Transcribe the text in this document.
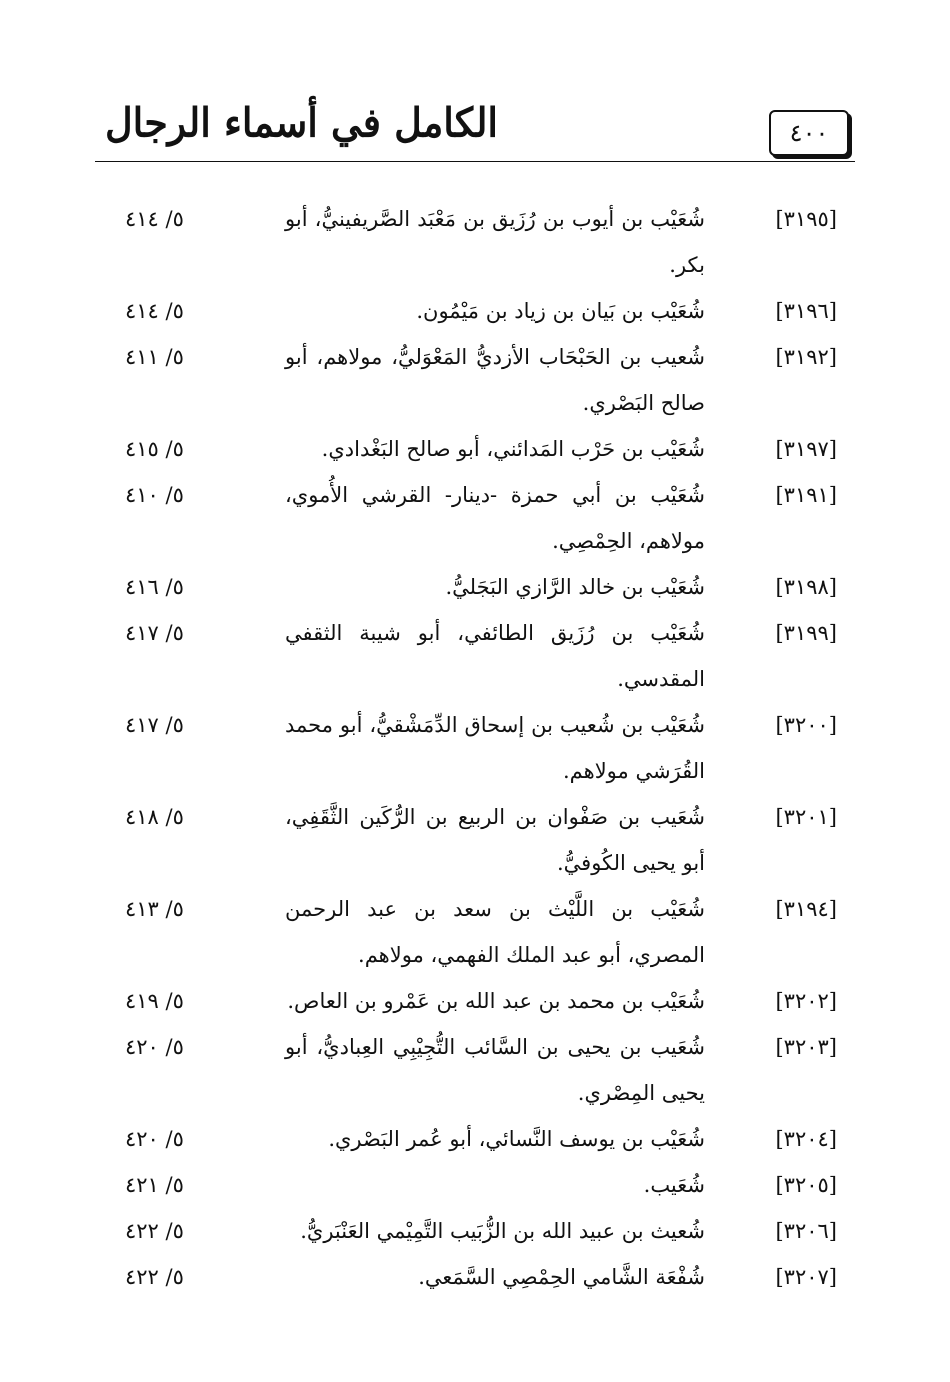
الكامل في أسماء الرجال	٤٠٠
[٣١٩٥]
شُعَيْب بن أيوب بن رُزَيق بن مَعْبَد الصَّريفينيُّ، أبو بكر.
٥/ ٤١٤
[٣١٩٦]
شُعَيْب بن بَيان بن زياد بن مَيْمُون.
٥/ ٤١٤
[٣١٩٢]
شُعيب بن الحَبْحَاب الأزديُّ المَعْوَليُّ، مولاهم، أبو صالح البَصْري.
٥/ ٤١١
[٣١٩٧]
شُعَيْب بن حَرْب المَدائني، أبو صالح البَغْدادي.
٥/ ٤١٥
[٣١٩١]
شُعَيْب بن أبي حمزة -دينار- القرشي الأُموي، مولاهم، الحِمْصِي.
٥/ ٤١٠
[٣١٩٨]
شُعَيْب بن خالد الرَّازي البَجَليُّ.
٥/ ٤١٦
[٣١٩٩]
شُعَيْب بن رُزَيق الطائفي، أبو شيبة الثقفي المقدسي.
٥/ ٤١٧
[٣٢٠٠]
شُعَيْب بن شُعيب بن إسحاق الدِّمَشْقيُّ، أبو محمد القُرَشي مولاهم.
٥/ ٤١٧
[٣٢٠١]
شُعَيب بن صَفْوان بن الربيع بن الرُّكَين الثَّقَفِي، أبو يحيى الكُوفيُّ.
٥/ ٤١٨
[٣١٩٤]
شُعَيْب بن اللَّيْث بن سعد بن عبد الرحمن المصري، أبو عبد الملك الفهمي، مولاهم.
٥/ ٤١٣
[٣٢٠٢]
شُعَيْب بن محمد بن عبد الله بن عَمْرو بن العاص.
٥/ ٤١٩
[٣٢٠٣]
شُعَيب بن يحيى بن السَّائب التُّجِيْبِي العِباديُّ، أبو يحيى المِصْري.
٥/ ٤٢٠
[٣٢٠٤]
شُعَيْب بن يوسف النَّسائي، أبو عُمر البَصْري.
٥/ ٤٢٠
[٣٢٠٥]
شُعَيب.
٥/ ٤٢١
[٣٢٠٦]
شُعيث بن عبيد الله بن الزُّبَيب التَّمِيْمي العَنْبَريُّ.
٥/ ٤٢٢
[٣٢٠٧]
شُفْعَة الشَّامي الحِمْصِي السَّمَعي.
٥/ ٤٢٢
